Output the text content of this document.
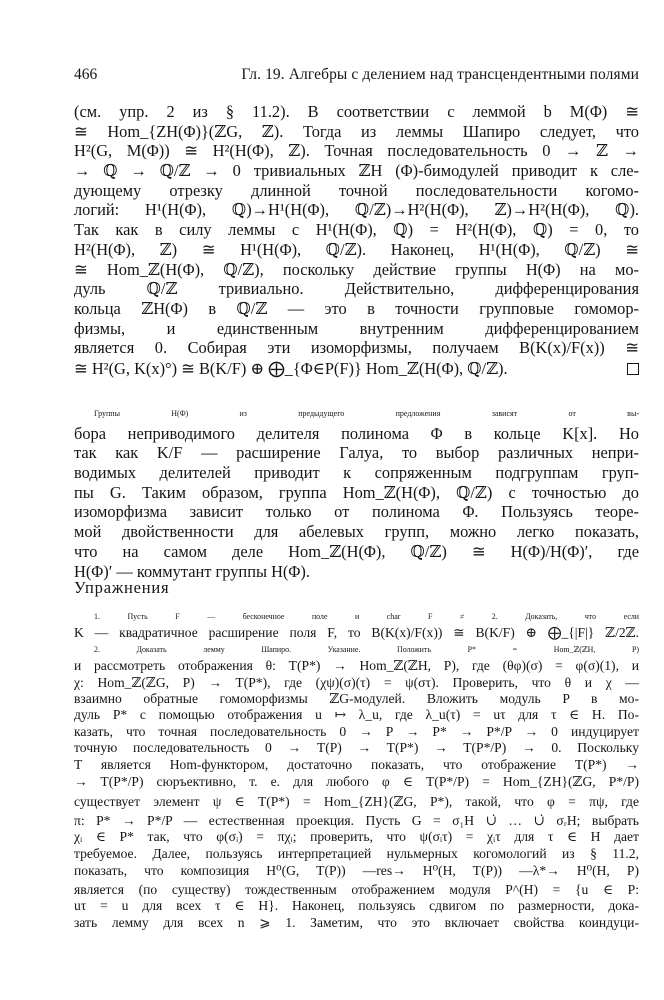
466	Гл. 19. Алгебры с делением над трансцендентными полями
(см. упр. 2 из § 11.2). В соответствии с леммой b M(Φ) ≅
≅ Hom_{ZH(Φ)}(ℤG, ℤ). Тогда из леммы Шапиро следует, что
H²(G, M(Φ)) ≅ H²(H(Φ), ℤ). Точная последовательность 0 → ℤ →
→ ℚ → ℚ/ℤ → 0 тривиальных ℤH (Φ)-бимодулей приводит к сле-
дующему отрезку длинной точной последовательности когомо-
логий: H¹(H(Φ), ℚ)→H¹(H(Φ), ℚ/ℤ)→H²(H(Φ), ℤ)→H²(H(Φ), ℚ).
Так как в силу леммы c H¹(H(Φ), ℚ) = H²(H(Φ), ℚ) = 0, то
H²(H(Φ), ℤ) ≅ H¹(H(Φ), ℚ/ℤ). Наконец, H¹(H(Φ), ℚ/ℤ) ≅
≅ Hom_ℤ(H(Φ), ℚ/ℤ), поскольку действие группы H(Φ) на мо-
дуль ℚ/ℤ тривиально. Действительно, дифференцирования
кольца ℤH(Φ) в ℚ/ℤ — это в точности групповые гомомор-
физмы, и единственным внутренним дифференцированием
является 0. Собирая эти изоморфизмы, получаем B(K(x)/F(x)) ≅
≅ H²(G, K(x)°) ≅ B(K/F) ⊕ ⨁_{Φ∈P(F)} Hom_ℤ(H(Φ), ℚ/ℤ).
Группы H(Φ) из предыдущего предложения зависят от вы-
бора неприводимого делителя полинома Φ в кольце K[x]. Но
так как K/F — расширение Галуа, то выбор различных непри-
водимых делителей приводит к сопряженным подгруппам груп-
пы G. Таким образом, группа Hom_ℤ(H(Φ), ℚ/ℤ) с точностью до
изоморфизма зависит только от полинома Φ. Пользуясь теоре-
мой двойственности для абелевых групп, можно легко показать,
что на самом деле Hom_ℤ(H(Φ), ℚ/ℤ) ≅ H(Φ)/H(Φ)′, где
H(Φ)′ — коммутант группы H(Φ).
Упражнения
1. Пусть F — бесконечное поле и char F ≠ 2. Доказать, что если
K — квадратичное расширение поля F, то B(K(x)/F(x)) ≅ B(K/F) ⊕ ⨁_{|F|} ℤ/2ℤ.
2. Доказать лемму Шапиро. Указание. Положить P* = Hom_ℤ(ℤH, P)
и рассмотреть отображения θ: T(P*) → Hom_ℤ(ℤH, P), где (θφ)(σ) = φ(σ)(1), и
χ: Hom_ℤ(ℤG, P) → T(P*), где (χψ)(σ)(τ) = ψ(στ). Проверить, что θ и χ —
взаимно обратные гомоморфизмы ℤG-модулей. Вложить модуль P в мо-
дуль P* с помощью отображения u ↦ λ_u, где λ_u(τ) = uτ для τ ∈ H. По-
казать, что точная последовательность 0 → P → P* → P*/P → 0 индуцирует
точную последовательность 0 → T(P) → T(P*) → T(P*/P) → 0. Поскольку
T является Hom-функтором, достаточно показать, что отображение T(P*) →
→ T(P*/P) сюръективно, т. е. для любого φ ∈ T(P*/P) = Hom_{ZH}(ℤG, P*/P)
существует элемент ψ ∈ T(P*) = Hom_{ZH}(ℤG, P*), такой, что φ = πψ, где
π: P* → P*/P — естественная проекция. Пусть G = σ₁H ∪̇ … ∪̇ σᵣH; выбрать
χᵢ ∈ P* так, что φ(σᵢ) = πχᵢ; проверить, что ψ(σᵢτ) = χᵢτ для τ ∈ H дает
требуемое. Далее, пользуясь интерпретацией нульмерных когомологий из § 11.2,
показать, что композиция H⁰(G, T(P)) —res→ H⁰(H, T(P)) —λ*→ H⁰(H, P)
является (по существу) тождественным отображением модуля P^(H) = {u ∈ P:
uτ = u для всех τ ∈ H}. Наконец, пользуясь сдвигом по размерности, дока-
зать лемму для всех n ⩾ 1. Заметим, что это включает свойства коиндуци-
